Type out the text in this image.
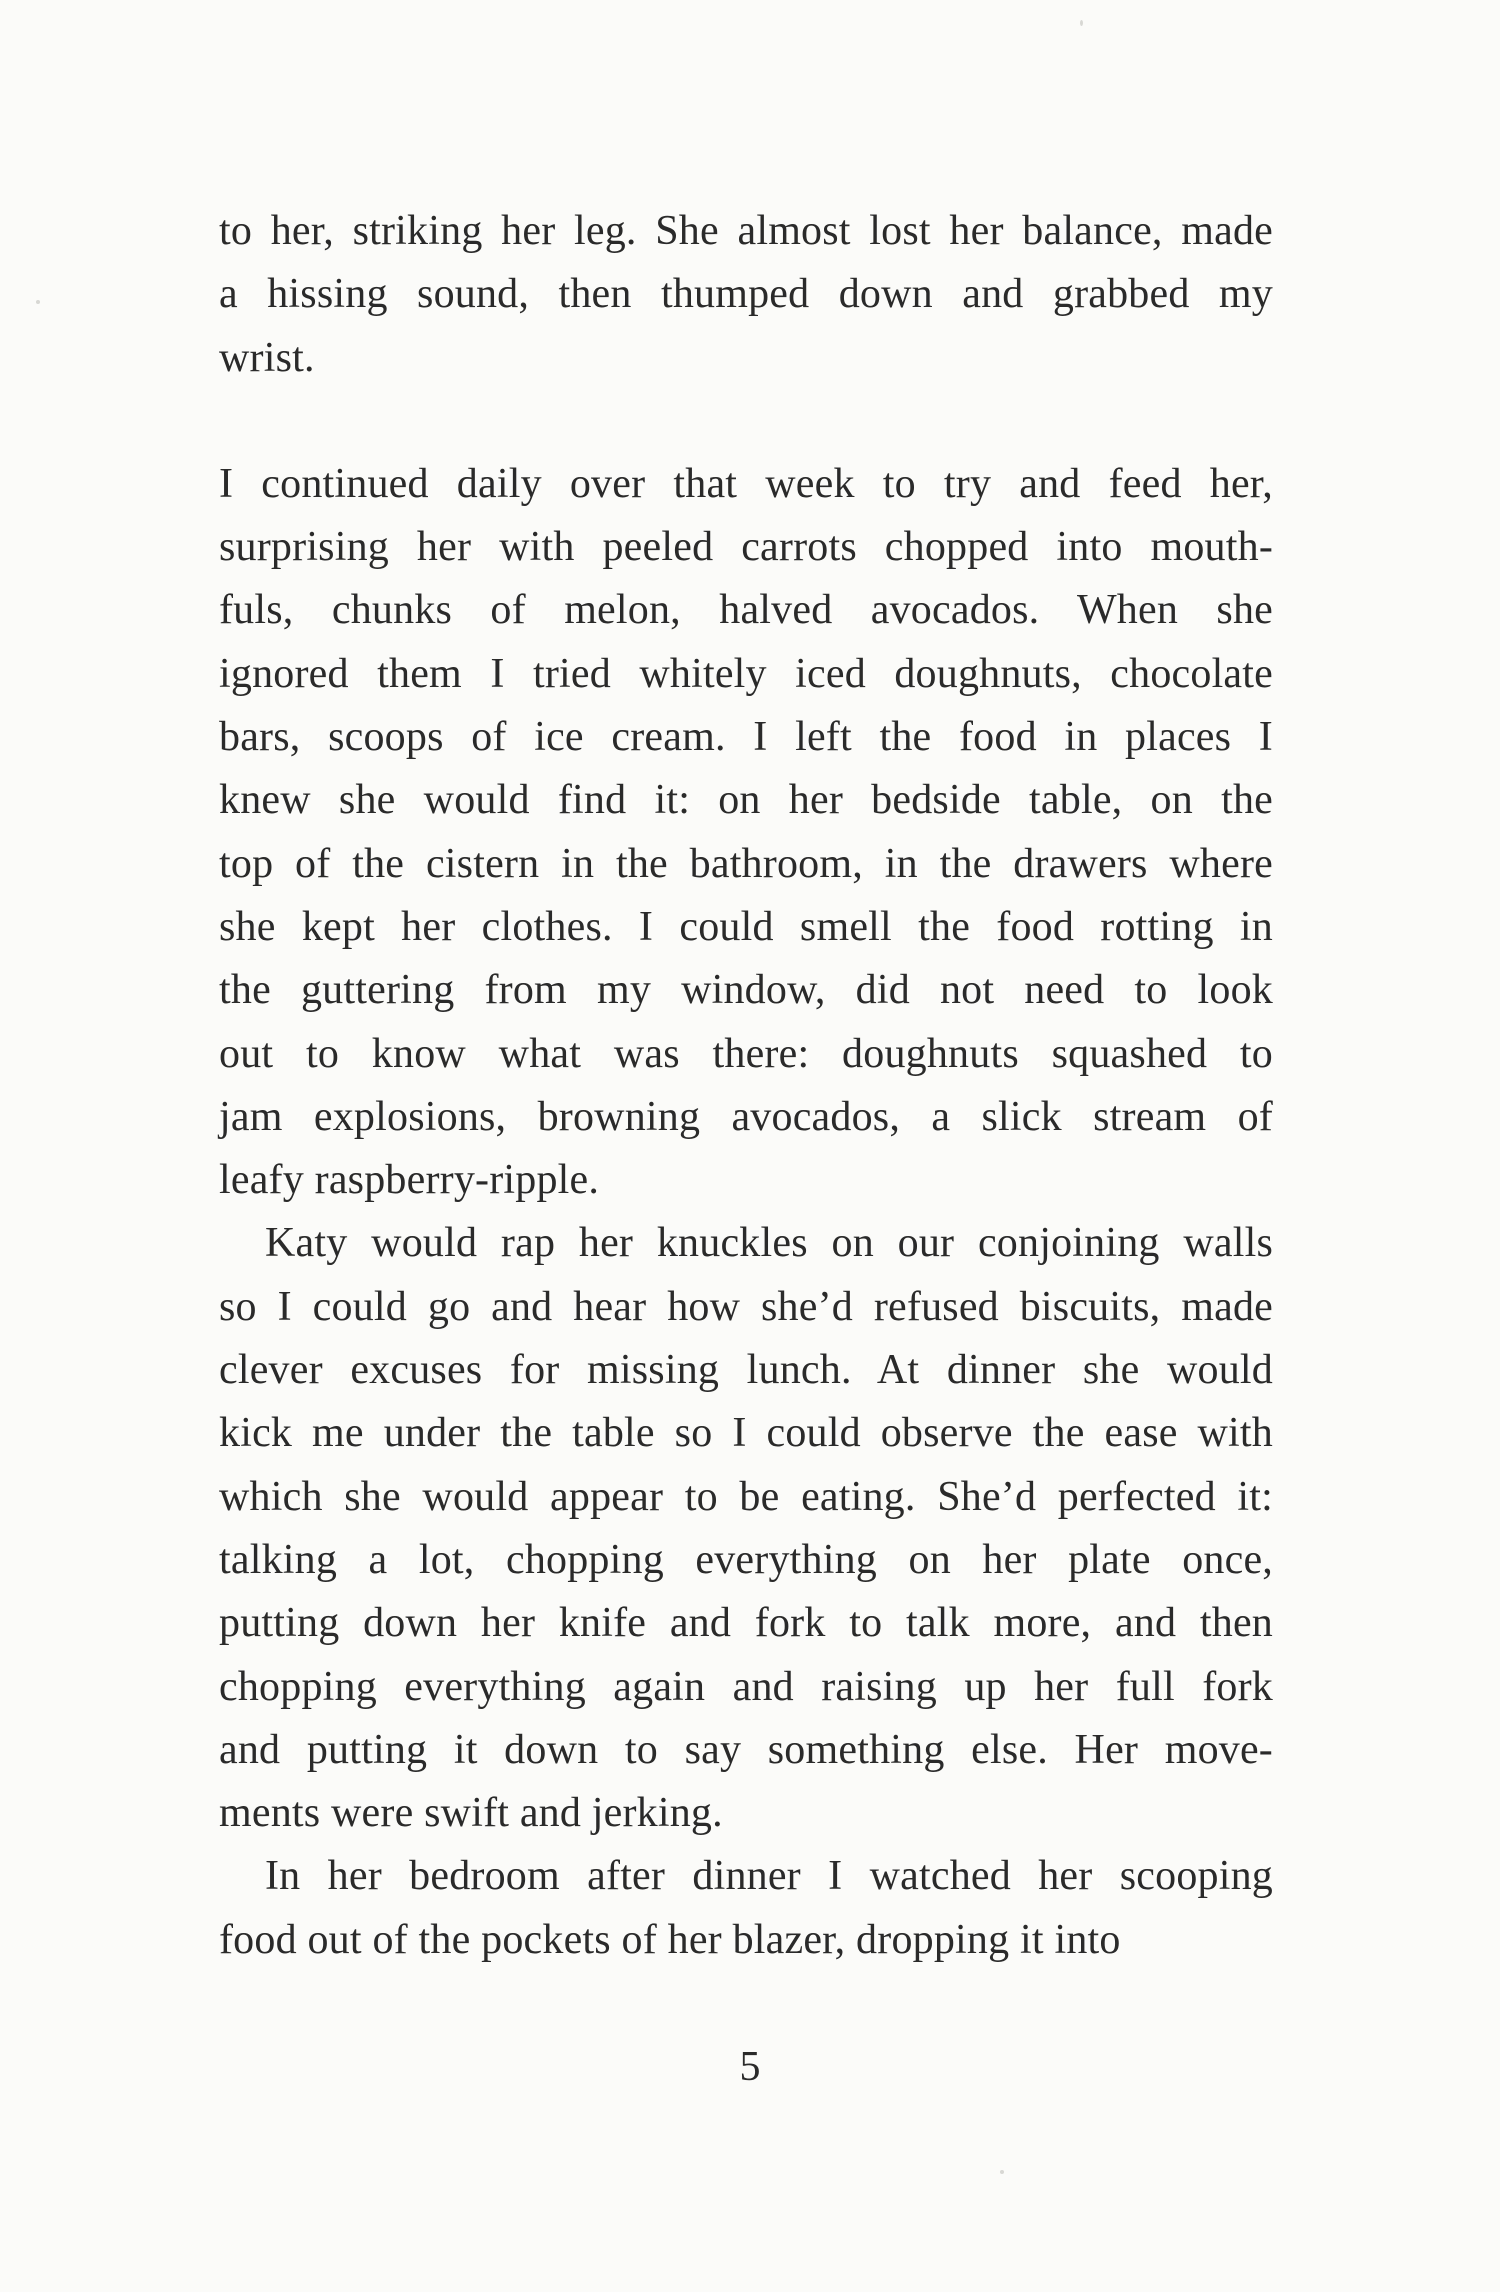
to her, striking her leg. She almost lost her balance, made
a hissing sound, then thumped down and grabbed my
wrist.

I continued daily over that week to try and feed her,
surprising her with peeled carrots chopped into mouth-
fuls, chunks of melon, halved avocados. When she
ignored them I tried whitely iced doughnuts, chocolate
bars, scoops of ice cream. I left the food in places I
knew she would find it: on her bedside table, on the
top of the cistern in the bathroom, in the drawers where
she kept her clothes. I could smell the food rotting in
the guttering from my window, did not need to look
out to know what was there: doughnuts squashed to
jam explosions, browning avocados, a slick stream of
leafy raspberry-ripple.

Katy would rap her knuckles on our conjoining walls
so I could go and hear how she’d refused biscuits, made
clever excuses for missing lunch. At dinner she would
kick me under the table so I could observe the ease with
which she would appear to be eating. She’d perfected it:
talking a lot, chopping everything on her plate once,
putting down her knife and fork to talk more, and then
chopping everything again and raising up her full fork
and putting it down to say something else. Her move-
ments were swift and jerking.

In her bedroom after dinner I watched her scooping
food out of the pockets of her blazer, dropping it into

5
